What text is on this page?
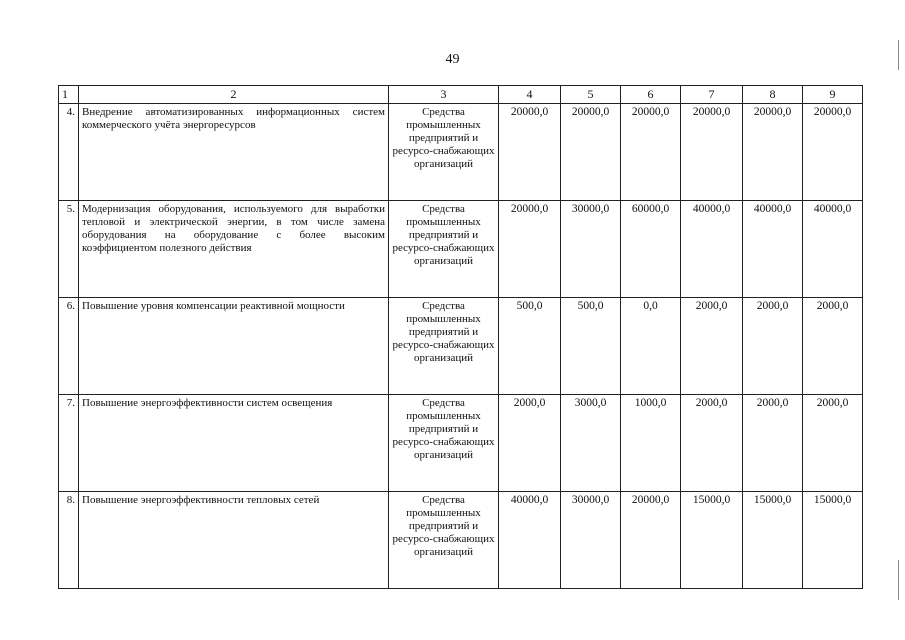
49
1	2	3	4	5	6	7	8	9
4.	Внедрение автоматизированных информационных систем коммерческого учёта энергоресурсов	Средства промышленных предприятий и ресурсо-снабжающих организаций	20000,0	20000,0	20000,0	20000,0	20000,0	20000,0
5.	Модернизация оборудования, используемого для выработки тепловой и электрической энергии, в том числе замена оборудования на оборудование с более высоким коэффициентом полезного действия	Средства промышленных предприятий и ресурсо-снабжающих организаций	20000,0	30000,0	60000,0	40000,0	40000,0	40000,0
6.	Повышение уровня компенсации реактивной мощности	Средства промышленных предприятий и ресурсо-снабжающих организаций	500,0	500,0	0,0	2000,0	2000,0	2000,0
7.	Повышение энергоэффективности систем освещения	Средства промышленных предприятий и ресурсо-снабжающих организаций	2000,0	3000,0	1000,0	2000,0	2000,0	2000,0
8.	Повышение энергоэффективности тепловых сетей	Средства промышленных предприятий и ресурсо-снабжающих организаций	40000,0	30000,0	20000,0	15000,0	15000,0	15000,0
